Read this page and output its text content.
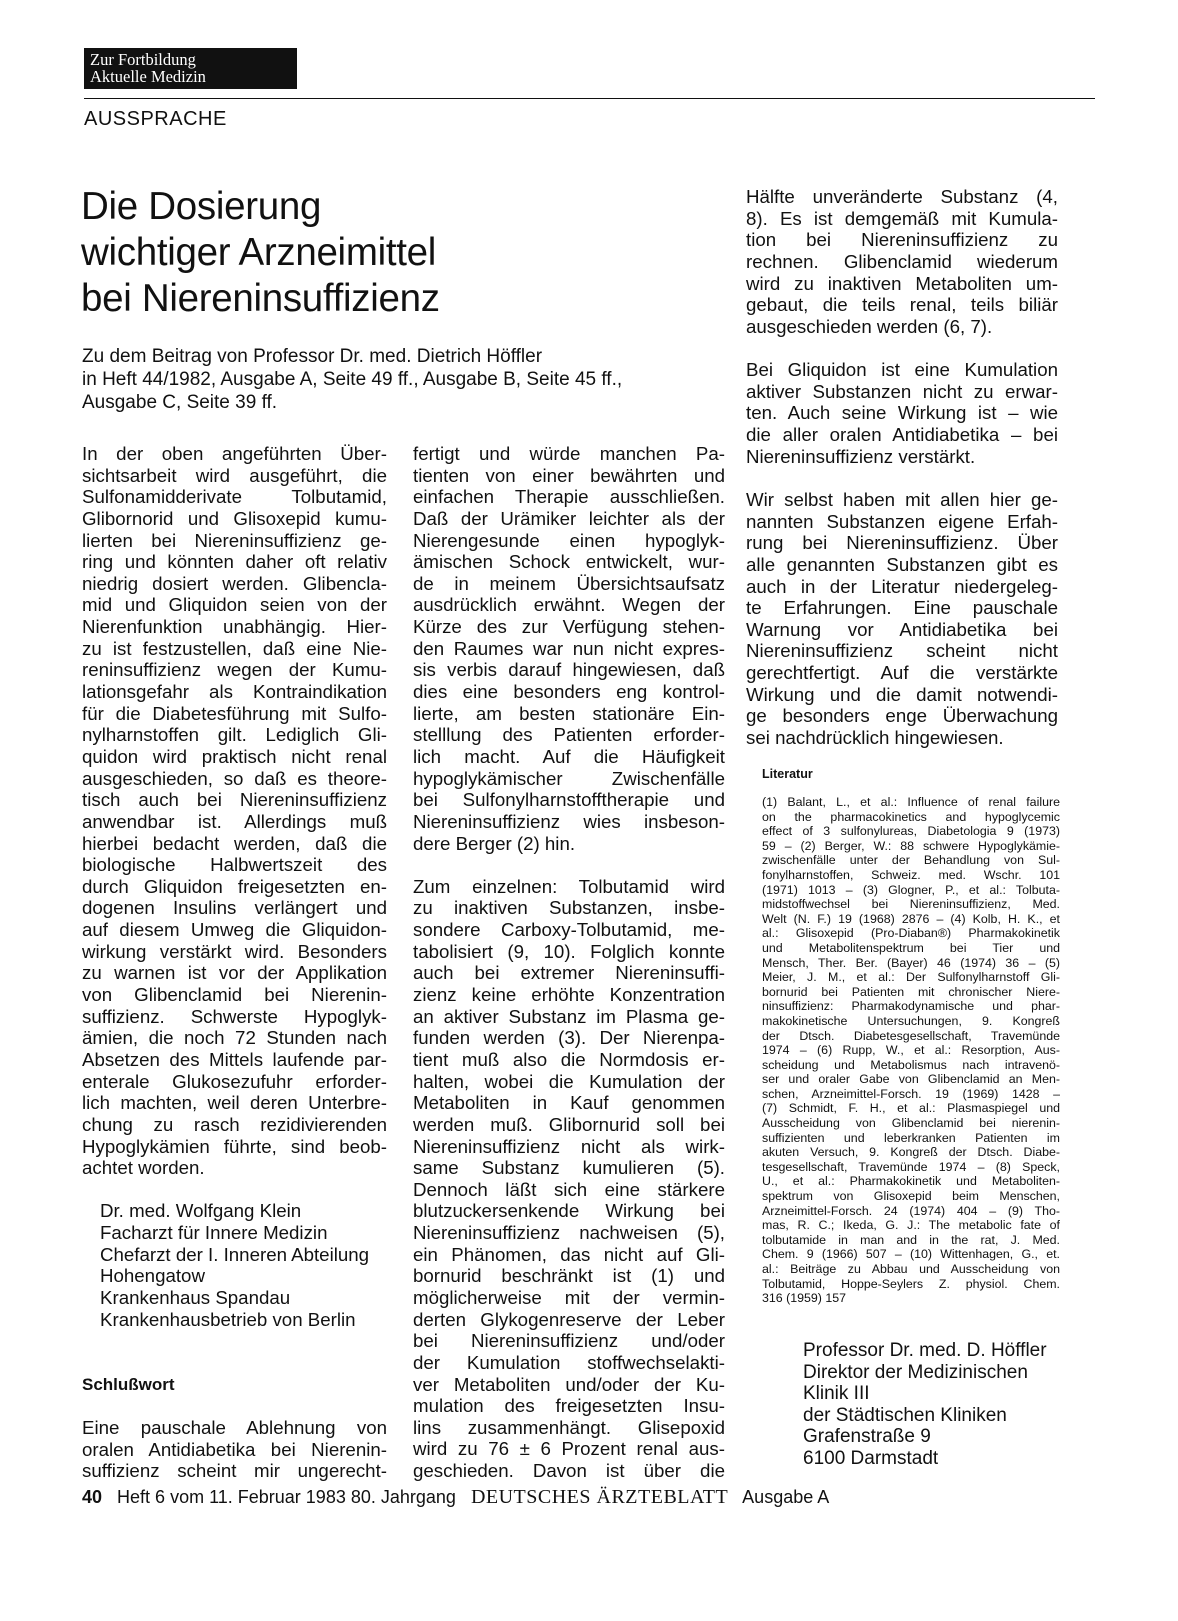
Zur Fortbildung
Aktuelle Medizin
AUSSPRACHE
Die Dosierung
wichtiger Arzneimittel
bei Niereninsuffizienz
Zu dem Beitrag von Professor Dr. med. Dietrich Höffler
in Heft 44/1982, Ausgabe A, Seite 49 ff., Ausgabe B, Seite 45 ff.,
Ausgabe C, Seite 39 ff.
In der oben angeführten Über-
sichtsarbeit wird ausgeführt, die
Sulfonamidderivate Tolbutamid,
Glibornorid und Glisoxepid kumu-
lierten bei Niereninsuffizienz ge-
ring und könnten daher oft relativ
niedrig dosiert werden. Glibencla-
mid und Gliquidon seien von der
Nierenfunktion unabhängig. Hier-
zu ist festzustellen, daß eine Nie-
reninsuffizienz wegen der Kumu-
lationsgefahr als Kontraindikation
für die Diabetesführung mit Sulfo-
nylharnstoffen gilt. Lediglich Gli-
quidon wird praktisch nicht renal
ausgeschieden, so daß es theore-
tisch auch bei Niereninsuffizienz
anwendbar ist. Allerdings muß
hierbei bedacht werden, daß die
biologische Halbwertszeit des
durch Gliquidon freigesetzten en-
dogenen Insulins verlängert und
auf diesem Umweg die Gliquidon-
wirkung verstärkt wird. Besonders
zu warnen ist vor der Applikation
von Glibenclamid bei Nierenin-
suffizienz. Schwerste Hypoglyk-
ämien, die noch 72 Stunden nach
Absetzen des Mittels laufende par-
enterale Glukosezufuhr erforder-
lich machten, weil deren Unterbre-
chung zu rasch rezidivierenden
Hypoglykämien führte, sind beob-
achtet worden.
Dr. med. Wolfgang Klein
Facharzt für Innere Medizin
Chefarzt der I. Inneren Abteilung
Hohengatow
Krankenhaus Spandau
Krankenhausbetrieb von Berlin
Schlußwort
Eine pauschale Ablehnung von
oralen Antidiabetika bei Nierenin-
suffizienz scheint mir ungerecht-
fertigt und würde manchen Pa-
tienten von einer bewährten und
einfachen Therapie ausschließen.
Daß der Urämiker leichter als der
Nierengesunde einen hypoglyk-
ämischen Schock entwickelt, wur-
de in meinem Übersichtsaufsatz
ausdrücklich erwähnt. Wegen der
Kürze des zur Verfügung stehen-
den Raumes war nun nicht expres-
sis verbis darauf hingewiesen, daß
dies eine besonders eng kontrol-
lierte, am besten stationäre Ein-
stelllung des Patienten erforder-
lich macht. Auf die Häufigkeit
hypoglykämischer Zwischenfälle
bei Sulfonylharnstofftherapie und
Niereninsuffizienz wies insbeson-
dere Berger (2) hin.
Zum einzelnen: Tolbutamid wird
zu inaktiven Substanzen, insbe-
sondere Carboxy-Tolbutamid, me-
tabolisiert (9, 10). Folglich konnte
auch bei extremer Niereninsuffi-
zienz keine erhöhte Konzentration
an aktiver Substanz im Plasma ge-
funden werden (3). Der Nierenpa-
tient muß also die Normdosis er-
halten, wobei die Kumulation der
Metaboliten in Kauf genommen
werden muß. Glibornurid soll bei
Niereninsuffizienz nicht als wirk-
same Substanz kumulieren (5).
Dennoch läßt sich eine stärkere
blutzuckersenkende Wirkung bei
Niereninsuffizienz nachweisen (5),
ein Phänomen, das nicht auf Gli-
bornurid beschränkt ist (1) und
möglicherweise mit der vermin-
derten Glykogenreserve der Leber
bei Niereninsuffizienz und/oder
der Kumulation stoffwechselakti-
ver Metaboliten und/oder der Ku-
mulation des freigesetzten Insu-
lins zusammenhängt. Glisepoxid
wird zu 76 ± 6 Prozent renal aus-
geschieden. Davon ist über die
Hälfte unveränderte Substanz (4,
8). Es ist demgemäß mit Kumula-
tion bei Niereninsuffizienz zu
rechnen. Glibenclamid wiederum
wird zu inaktiven Metaboliten um-
gebaut, die teils renal, teils biliär
ausgeschieden werden (6, 7).
Bei Gliquidon ist eine Kumulation
aktiver Substanzen nicht zu erwar-
ten. Auch seine Wirkung ist – wie
die aller oralen Antidiabetika – bei
Niereninsuffizienz verstärkt.
Wir selbst haben mit allen hier ge-
nannten Substanzen eigene Erfah-
rung bei Niereninsuffizienz. Über
alle genannten Substanzen gibt es
auch in der Literatur niedergeleg-
te Erfahrungen. Eine pauschale
Warnung vor Antidiabetika bei
Niereninsuffizienz scheint nicht
gerechtfertigt. Auf die verstärkte
Wirkung und die damit notwendi-
ge besonders enge Überwachung
sei nachdrücklich hingewiesen.
Literatur
(1) Balant, L., et al.: Influence of renal failure
on the pharmacokinetics and hypoglycemic
effect of 3 sulfonylureas, Diabetologia 9 (1973)
59 – (2) Berger, W.: 88 schwere Hypoglykämie-
zwischenfälle unter der Behandlung von Sul-
fonylharnstoffen, Schweiz. med. Wschr. 101
(1971) 1013 – (3) Glogner, P., et al.: Tolbuta-
midstoffwechsel bei Niereninsuffizienz, Med.
Welt (N. F.) 19 (1968) 2876 – (4) Kolb, H. K., et
al.: Glisoxepid (Pro-Diaban®) Pharmakokinetik
und Metabolitenspektrum bei Tier und
Mensch, Ther. Ber. (Bayer) 46 (1974) 36 – (5)
Meier, J. M., et al.: Der Sulfonylharnstoff Gli-
bornurid bei Patienten mit chronischer Niere-
ninsuffizienz: Pharmakodynamische und phar-
makokinetische Untersuchungen, 9. Kongreß
der Dtsch. Diabetesgesellschaft, Travemünde
1974 – (6) Rupp, W., et al.: Resorption, Aus-
scheidung und Metabolismus nach intravenö-
ser und oraler Gabe von Glibenclamid an Men-
schen, Arzneimittel-Forsch. 19 (1969) 1428 –
(7) Schmidt, F. H., et al.: Plasmaspiegel und
Ausscheidung von Glibenclamid bei nierenin-
suffizienten und leberkranken Patienten im
akuten Versuch, 9. Kongreß der Dtsch. Diabe-
tesgesellschaft, Travemünde 1974 – (8) Speck,
U., et al.: Pharmakokinetik und Metaboliten-
spektrum von Glisoxepid beim Menschen,
Arzneimittel-Forsch. 24 (1974) 404 – (9) Tho-
mas, R. C.; Ikeda, G. J.: The metabolic fate of
tolbutamide in man and in the rat, J. Med.
Chem. 9 (1966) 507 – (10) Wittenhagen, G., et.
al.: Beiträge zu Abbau und Ausscheidung von
Tolbutamid, Hoppe-Seylers Z. physiol. Chem.
316 (1959) 157
Professor Dr. med. D. Höffler
Direktor der Medizinischen
Klinik III
der Städtischen Kliniken
Grafenstraße 9
6100 Darmstadt
40 Heft 6 vom 11. Februar 1983 80. Jahrgang DEUTSCHES ÄRZTEBLATT Ausgabe A
